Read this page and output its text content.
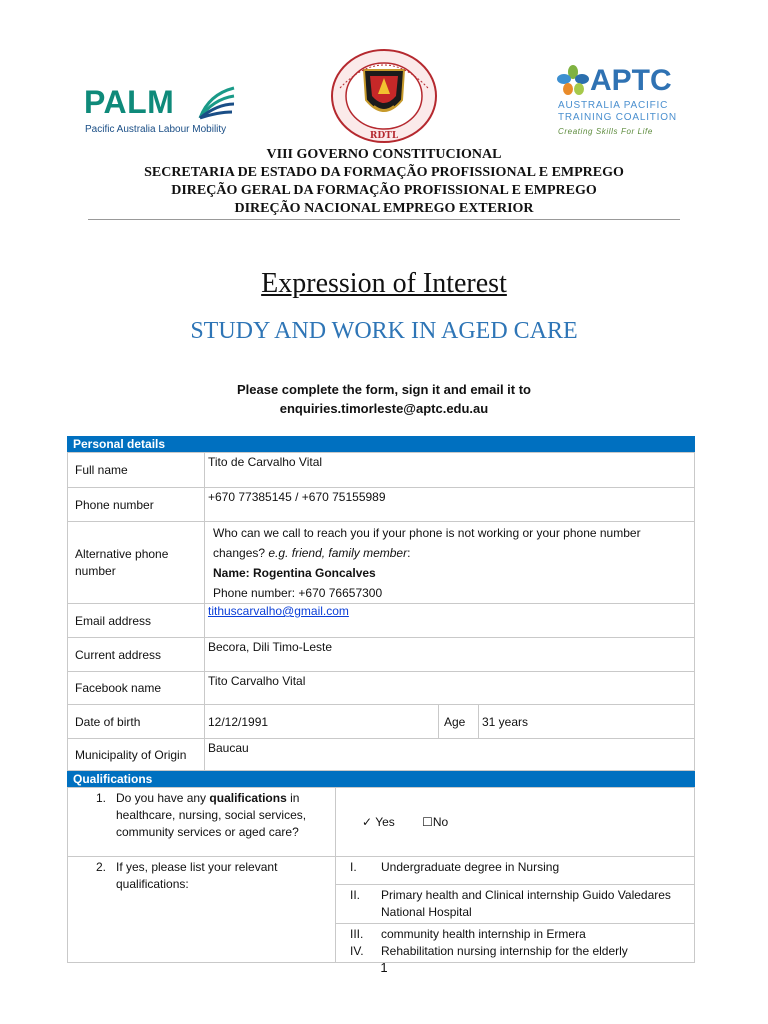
PALM
Pacific Australia Labour Mobility
RDTL
APTC
AUSTRALIA PACIFIC
TRAINING COALITION
Creating Skills For Life
VIII GOVERNO CONSTITUCIONAL
SECRETARIA DE ESTADO DA FORMAÇÃO PROFISSIONAL E EMPREGO
DIREÇÃO GERAL DA FORMAÇÃO PROFISSIONAL E EMPREGO
DIREÇÃO NACIONAL EMPREGO EXTERIOR
Expression of Interest
STUDY AND WORK IN AGED CARE
Please complete the form, sign it and email it to
enquiries.timorleste@aptc.edu.au
Personal details
Full name	Tito de Carvalho Vital		
Phone number	+670 77385145 / +670 75155989		
Alternative phone number	Who can we call to reach you if your phone is not working or your phone number changes? e.g. friend, family member:
Name: Rogentina Goncalves
Phone number: +670 76657300		

Email address	tithuscarvalho@gmail.com		
Current address	Becora, Dili Timo-Leste		
Facebook name	Tito Carvalho Vital		
Date of birth	12/12/1991	Age	31 years
Municipality of Origin	Baucau		
Qualifications
1. Do you have any qualifications in healthcare, nursing, social services, community services or aged care?	✓ Yes ☐No

2. If yes, please list your relevant qualifications:	I. Undergraduate degree in Nursing

	II. Primary health and Clinical internship Guido Valedares National Hospital

	III. community health internship in Ermera

	IV. Rehabilitation nursing internship for the elderly
1
